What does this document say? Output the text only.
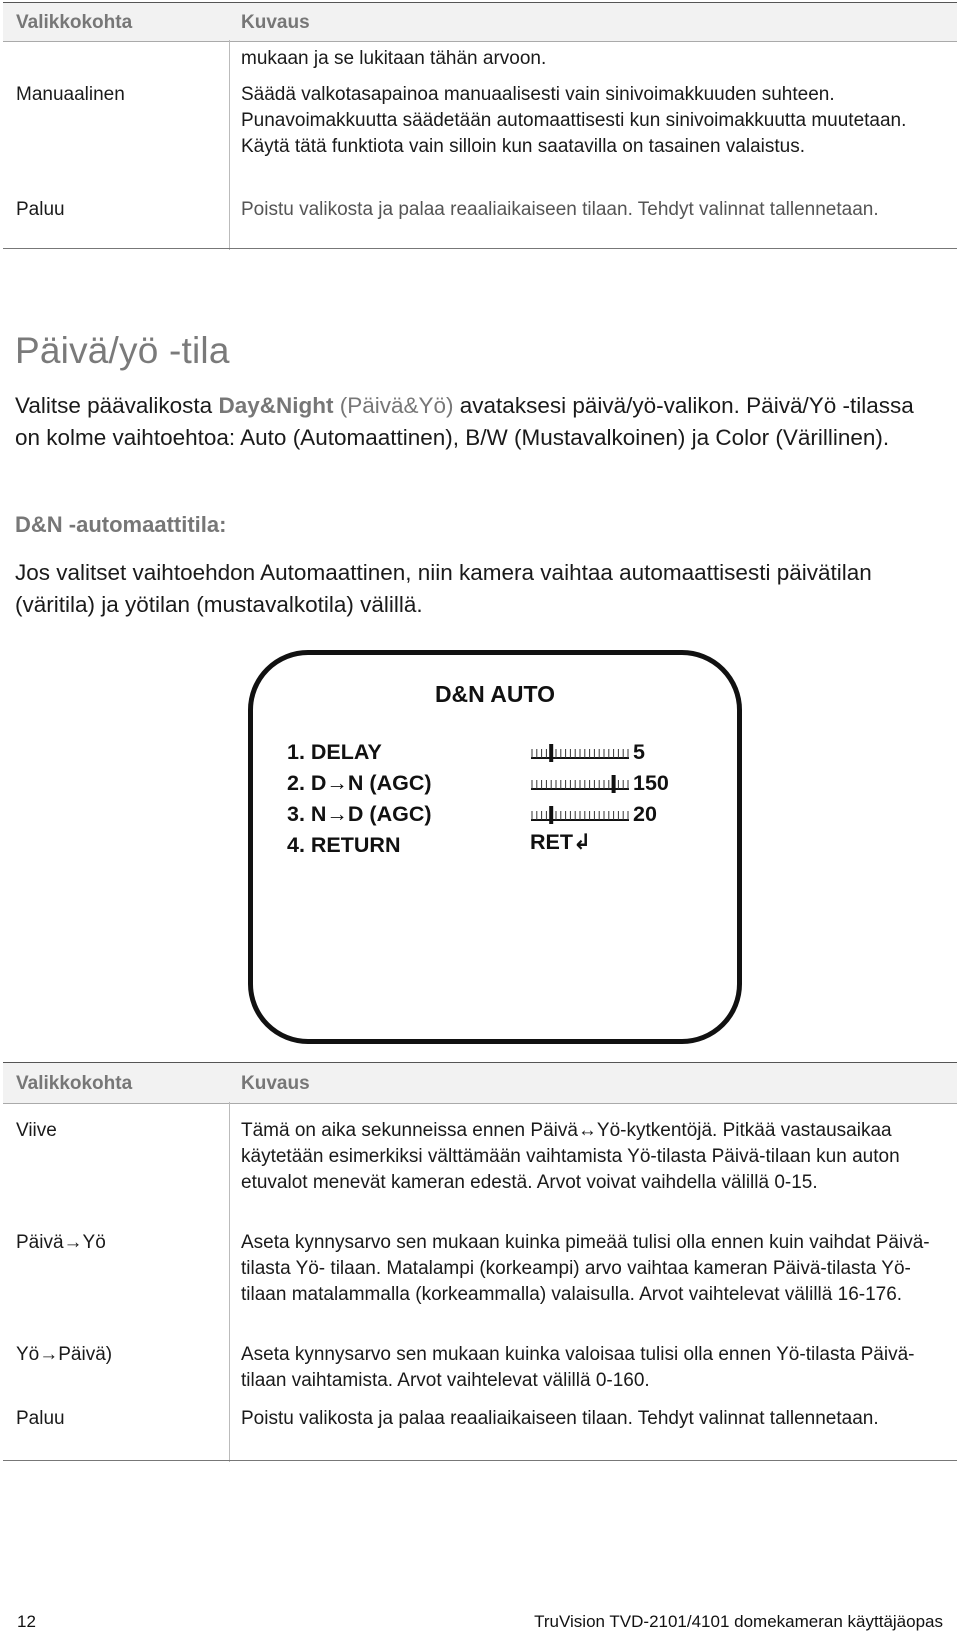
Valikkokohta	Kuvaus
mukaan ja se lukitaan tähän arvoon.
Manuaalinen	Säädä valkotasapainoa manuaalisesti vain sinivoimakkuuden suhteen. Punavoimakkuutta säädetään automaattisesti kun sinivoimakkuutta muutetaan. Käytä tätä funktiota vain silloin kun saatavilla on tasainen valaistus.
Paluu	Poistu valikosta ja palaa reaaliaikaiseen tilaan. Tehdyt valinnat tallennetaan.
Päivä/yö -tila
Valitse päävalikosta Day&Night (Päivä&Yö) avataksesi päivä/yö-valikon. Päivä/Yö -tilassa on kolme vaihtoehtoa: Auto (Automaattinen), B/W (Mustavalkoinen) ja Color (Värillinen).
D&N -automaattitila:
Jos valitset vaihtoehdon Automaattinen, niin kamera vaihtaa automaattisesti päivätilan (väritila) ja yötilan (mustavalkotila) välillä.
D&N AUTO
1. DELAY
2. D→N (AGC)
3. N→D (AGC)
4. RETURN
5
150
20
RET↲
Valikkokohta	Kuvaus
Viive	Tämä on aika sekunneissa ennen Päivä↔Yö-kytkentöjä. Pitkää vastausaikaa käytetään esimerkiksi välttämään vaihtamista Yö-tilasta Päivä-tilaan kun auton etuvalot menevät kameran edestä. Arvot voivat vaihdella välillä 0-15.
Päivä→Yö	Aseta kynnysarvo sen mukaan kuinka pimeää tulisi olla ennen kuin vaihdat Päivä-tilasta Yö- tilaan. Matalampi (korkeampi) arvo vaihtaa kameran Päivä-tilasta Yö-tilaan matalammalla (korkeammalla) valaisulla. Arvot vaihtelevat välillä 16-176.
Yö→Päivä)	Aseta kynnysarvo sen mukaan kuinka valoisaa tulisi olla ennen Yö-tilasta Päivä-tilaan vaihtamista. Arvot vaihtelevat välillä 0-160.
Paluu	Poistu valikosta ja palaa reaaliaikaiseen tilaan. Tehdyt valinnat tallennetaan.
12	TruVision TVD-2101/4101 domekameran käyttäjäopas
